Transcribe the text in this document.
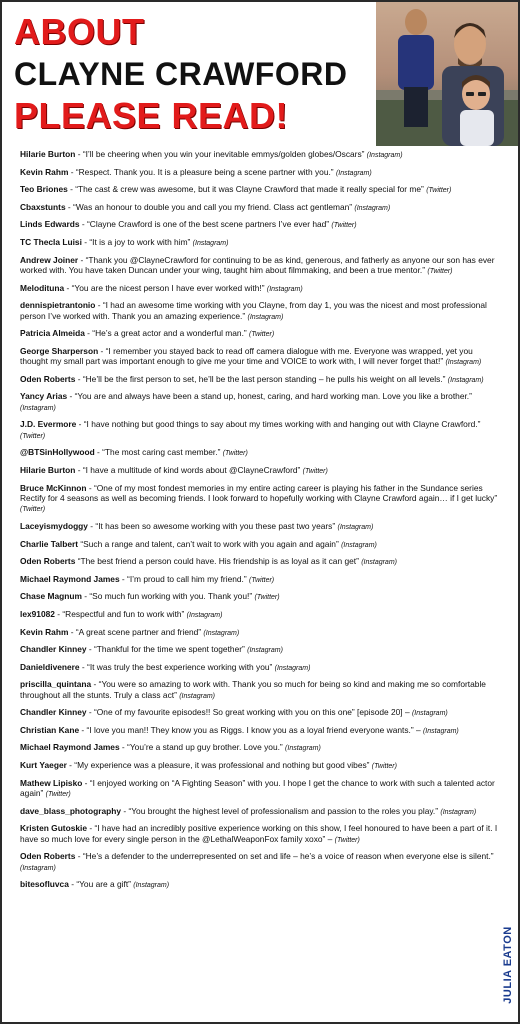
ABOUT
CLAYNE CRAWFORD
PLEASE READ!

Hilarie Burton - “I’ll be cheering when you win your inevitable emmys/golden globes/Oscars” (Instagram)

Kevin Rahm - “Respect. Thank you. It is a pleasure being a scene partner with you.” (Instagram)

Teo Briones - “The cast & crew was awesome, but it was Clayne Crawford that made it really special for me” (Twitter)

Cbaxstunts - “Was an honour to double you and call you my friend. Class act gentleman” (Instagram)

Linds Edwards - “Clayne Crawford is one of the best scene partners I’ve ever had” (Twitter)

TC Thecla Luisi - “It is a joy to work with him” (Instagram)

Andrew Joiner - “Thank you @ClayneCrawford for continuing to be as kind, generous, and fatherly as anyone our son has ever worked with. You have taken Duncan under your wing, taught him about filmmaking, and been a true mentor.” (Twitter)

Melodituna - “You are the nicest person I have ever worked with!” (Instagram)

dennispietrantonio - “I had an awesome time working with you Clayne, from day 1, you was the nicest and most professional person I’ve worked with. Thank you an amazing experience.” (Instagram)

Patricia Almeida - “He’s a great actor and a wonderful man.” (Twitter)

George Sharperson - “I remember you stayed back to read off camera dialogue with me. Everyone was wrapped, yet you thought my small part was important enough to give me your time and VOICE to work with, I will never forget that!” (Instagram)

Oden Roberts - “He’ll be the first person to set, he’ll be the last person standing – he pulls his weight on all levels.” (Instagram)

Yancy Arias - “You are and always have been a stand up, honest, caring, and hard working man. Love you like a brother.” (Instagram)

J.D. Evermore - “I have nothing but good things to say about my times working with and hanging out with Clayne Crawford.” (Twitter)

@BTSinHollywood - “The most caring cast member.” (Twitter)

Hilarie Burton - “I have a multitude of kind words about @ClayneCrawford” (Twitter)

Bruce McKinnon - “One of my most fondest memories in my entire acting career is playing his father in the Sundance series Rectify for 4 seasons as well as becoming friends. I look forward to hopefully working with Clayne Crawford again… if I get lucky” (Twitter)

Laceyismydoggy - “It has been so awesome working with you these past two years” (Instagram)

Charlie Talbert “Such a range and talent, can’t wait to work with you again and again” (Instagram)

Oden Roberts “The best friend a person could have. His friendship is as loyal as it can get” (Instagram)

Michael Raymond James - “I’m proud to call him my friend.” (Twitter)

Chase Magnum - “So much fun working with you. Thank you!” (Twitter)

lex91082 - “Respectful and fun to work with” (Instagram)

Kevin Rahm - “A great scene partner and friend” (Instagram)

Chandler Kinney - “Thankful for the time we spent together” (Instagram)

Danieldivenere - “It was truly the best experience working with you” (Instagram)

priscilla_quintana - “You were so amazing to work with. Thank you so much for being so kind and making me so comfortable throughout all the stunts. Truly a class act” (Instagram)

Chandler Kinney - “One of my favourite episodes!! So great working with you on this one” [episode 20] – (Instagram)

Christian Kane - “I love you man!! They know you as Riggs. I know you as a loyal friend everyone wants.” – (Instagram)

Michael Raymond James - “You’re a stand up guy brother. Love you.” (Instagram)

Kurt Yaeger - “My experience was a pleasure, it was professional and nothing but good vibes” (Twitter)

Mathew Lipisko - “I enjoyed working on “A Fighting Season” with you. I hope I get the chance to work with such a talented actor again” (Twitter)

dave_blass_photography - “You brought the highest level of professionalism and passion to the roles you play.” (Instagram)

Kristen Gutoskie - “I have had an incredibly positive experience working on this show, I feel honoured to have been a part of it. I have so much love for every single person in the @LethalWeaponFox family xoxo” – (Twitter)

Oden Roberts - “He’s a defender to the underrepresented on set and life – he’s a voice of reason when everyone else is silent.” (Instagram)

bitesofluvca - “You are a gift” (Instagram)

JULIA EATON
